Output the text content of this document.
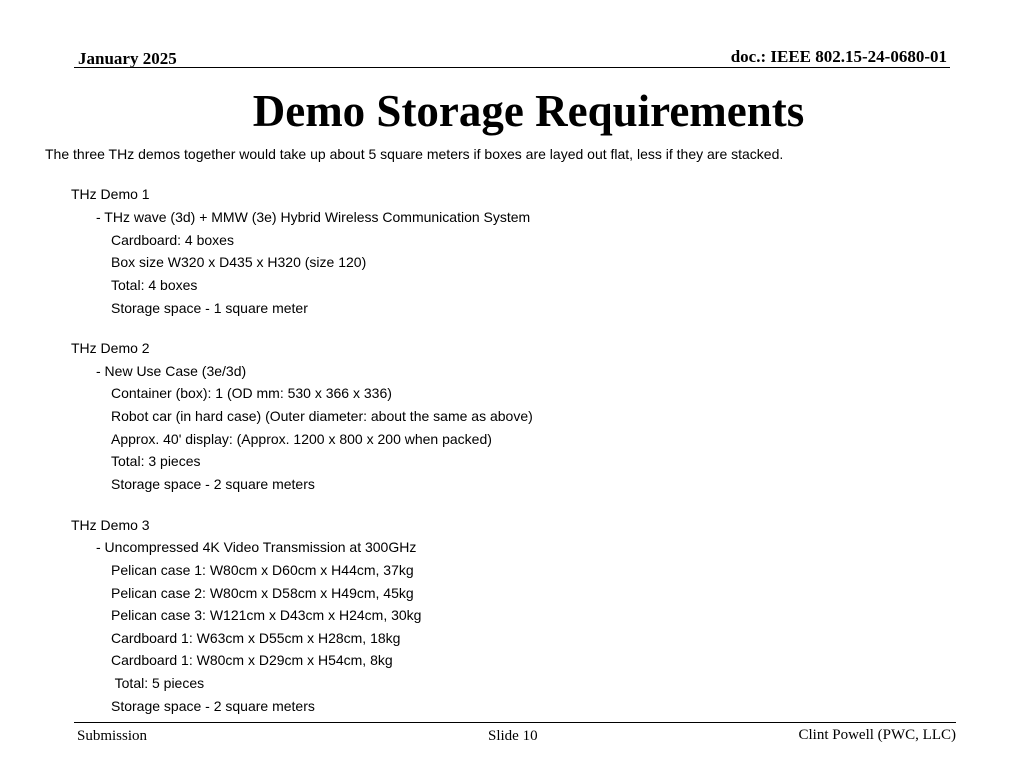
January 2025	doc.: IEEE 802.15-24-0680-01
Demo Storage Requirements
The three THz demos together would take up about 5 square meters if boxes are layed out flat, less if they are stacked.
THz Demo 1
- THz wave (3d) + MMW (3e) Hybrid Wireless Communication System
Cardboard: 4 boxes
Box size W320 x D435 x H320 (size 120)
Total: 4 boxes
Storage space - 1 square meter
THz Demo 2
- New Use Case (3e/3d)
Container (box): 1 (OD mm: 530 x 366 x 336)
Robot car (in hard case) (Outer diameter: about the same as above)
Approx. 40' display: (Approx. 1200 x 800 x 200 when packed)
Total: 3 pieces
Storage space - 2 square meters
THz Demo 3
- Uncompressed 4K Video Transmission at 300GHz
Pelican case 1: W80cm x D60cm x H44cm, 37kg
Pelican case 2: W80cm x D58cm x H49cm, 45kg
Pelican case 3: W121cm x D43cm x H24cm, 30kg
Cardboard 1: W63cm x D55cm x H28cm, 18kg
Cardboard 1: W80cm x D29cm x H54cm, 8kg
Total: 5 pieces
Storage space - 2 square meters
Submission	Slide 10	Clint Powell (PWC, LLC)
